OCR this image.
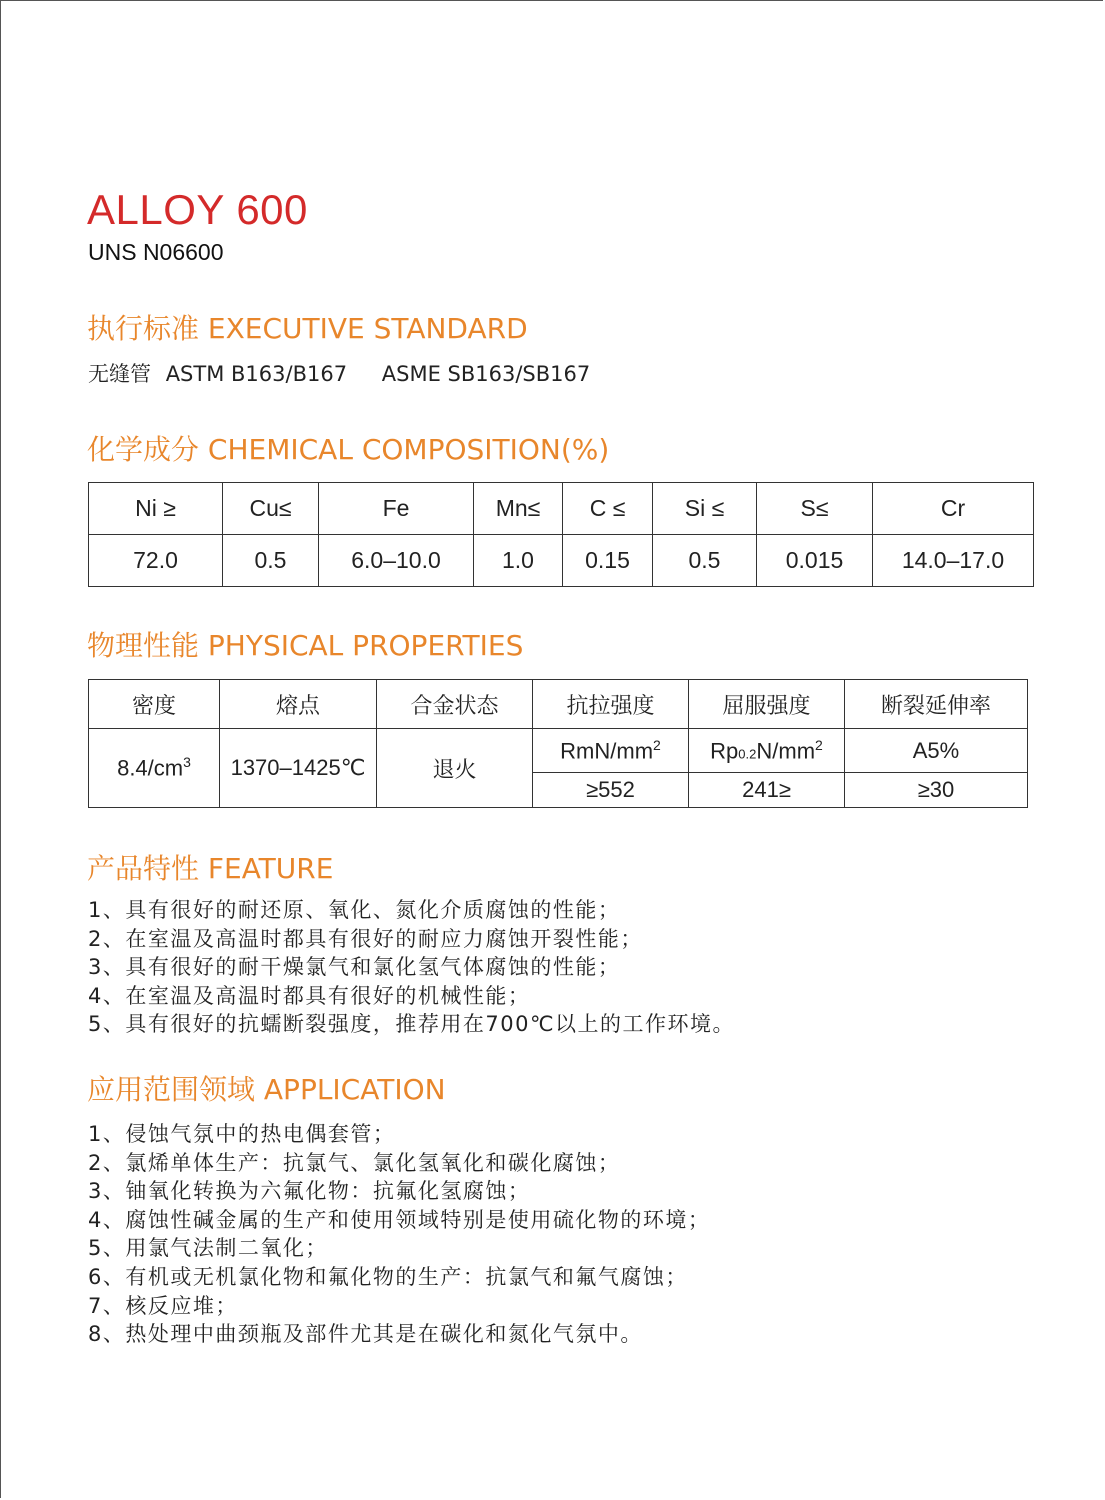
ALLOY 600
UNS N06600
执行标准 EXECUTIVE STANDARD
无缝管 ASTM B163/B167 ASME SB163/SB167
化学成分 CHEMICAL COMPOSITION(%)
Ni ≥	Cu≤	Fe	Mn≤	C ≤	Si ≤	S≤	Cr
72.0	0.5	6.0–10.0	1.0	0.15	0.5	0.015	14.0–17.0
物理性能 PHYSICAL PROPERTIES
密度	熔点	合金状态	抗拉强度	屈服强度	断裂延伸率
$8.4/cm^3$	1370–1425℃	退火	RmN/$mm^2$	$Rp0.2N/mm^2$	A5%
			≥552	241≥	≥30
产品特性 FEATURE
1、具有很好的耐还原、氧化、氮化介质腐蚀的性能；
2、在室温及高温时都具有很好的耐应力腐蚀开裂性能；
3、具有很好的耐干燥氯气和氯化氢气体腐蚀的性能；
4、在室温及高温时都具有很好的机械性能；
5、具有很好的抗蠕断裂强度，推荐用在700℃以上的工作环境。
应用范围领域 APPLICATION
1、侵蚀气氛中的热电偶套管；
2、氯烯单体生产：抗氯气、氯化氢氧化和碳化腐蚀；
3、铀氧化转换为六氟化物：抗氟化氢腐蚀；
4、腐蚀性碱金属的生产和使用领域特别是使用硫化物的环境；
5、用氯气法制二氧化；
6、有机或无机氯化物和氟化物的生产：抗氯气和氟气腐蚀；
7、核反应堆；
8、热处理中曲颈瓶及部件尤其是在碳化和氮化气氛中。
